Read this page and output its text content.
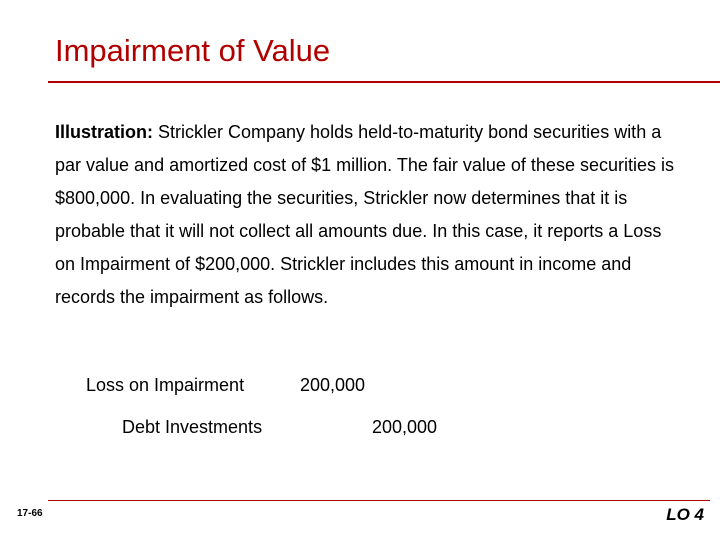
Impairment of Value
Illustration: Strickler Company holds held-to-maturity bond securities with a par value and amortized cost of $1 million. The fair value of these securities is $800,000. In evaluating the securities, Strickler now determines that it is probable that it will not collect all amounts due. In this case, it reports a Loss on Impairment of $200,000. Strickler includes this amount in income and records the impairment as follows.
Loss on Impairment	200,000
Debt Investments	200,000
17-66	LO 4
